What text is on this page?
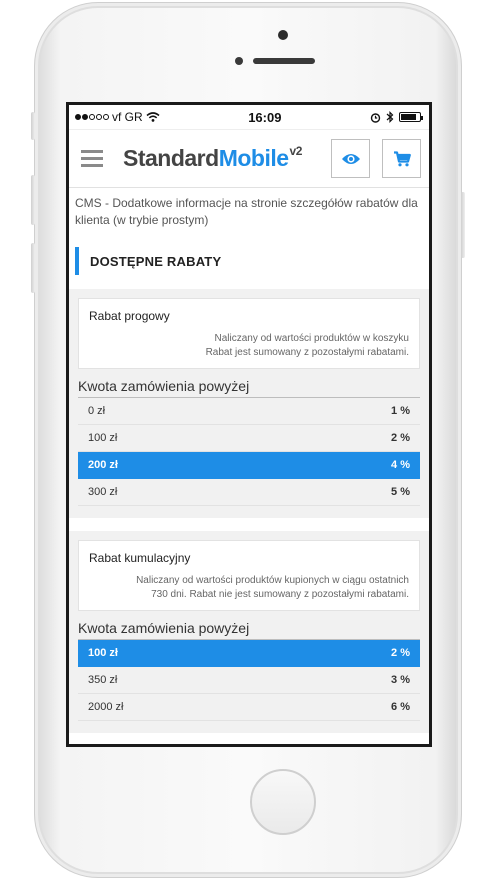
vf GR	16:09
StandardMobile$^{v2}$
CMS - Dodatkowe informacje na stronie szczegółów rabatów dla klienta (w trybie prostym)
DOSTĘPNE RABATY
Rabat progowy
Naliczany od wartości produktów w koszyku
Rabat jest sumowany z pozostałymi rabatami.
Kwota zamówienia powyżej
0 zł	1 %
100 zł	2 %
200 zł	4 %
300 zł	5 %
Rabat kumulacyjny
Naliczany od wartości produktów kupionych w ciągu ostatnich
730 dni. Rabat nie jest sumowany z pozostałymi rabatami.
Kwota zamówienia powyżej
100 zł	2 %
350 zł	3 %
2000 zł	6 %
